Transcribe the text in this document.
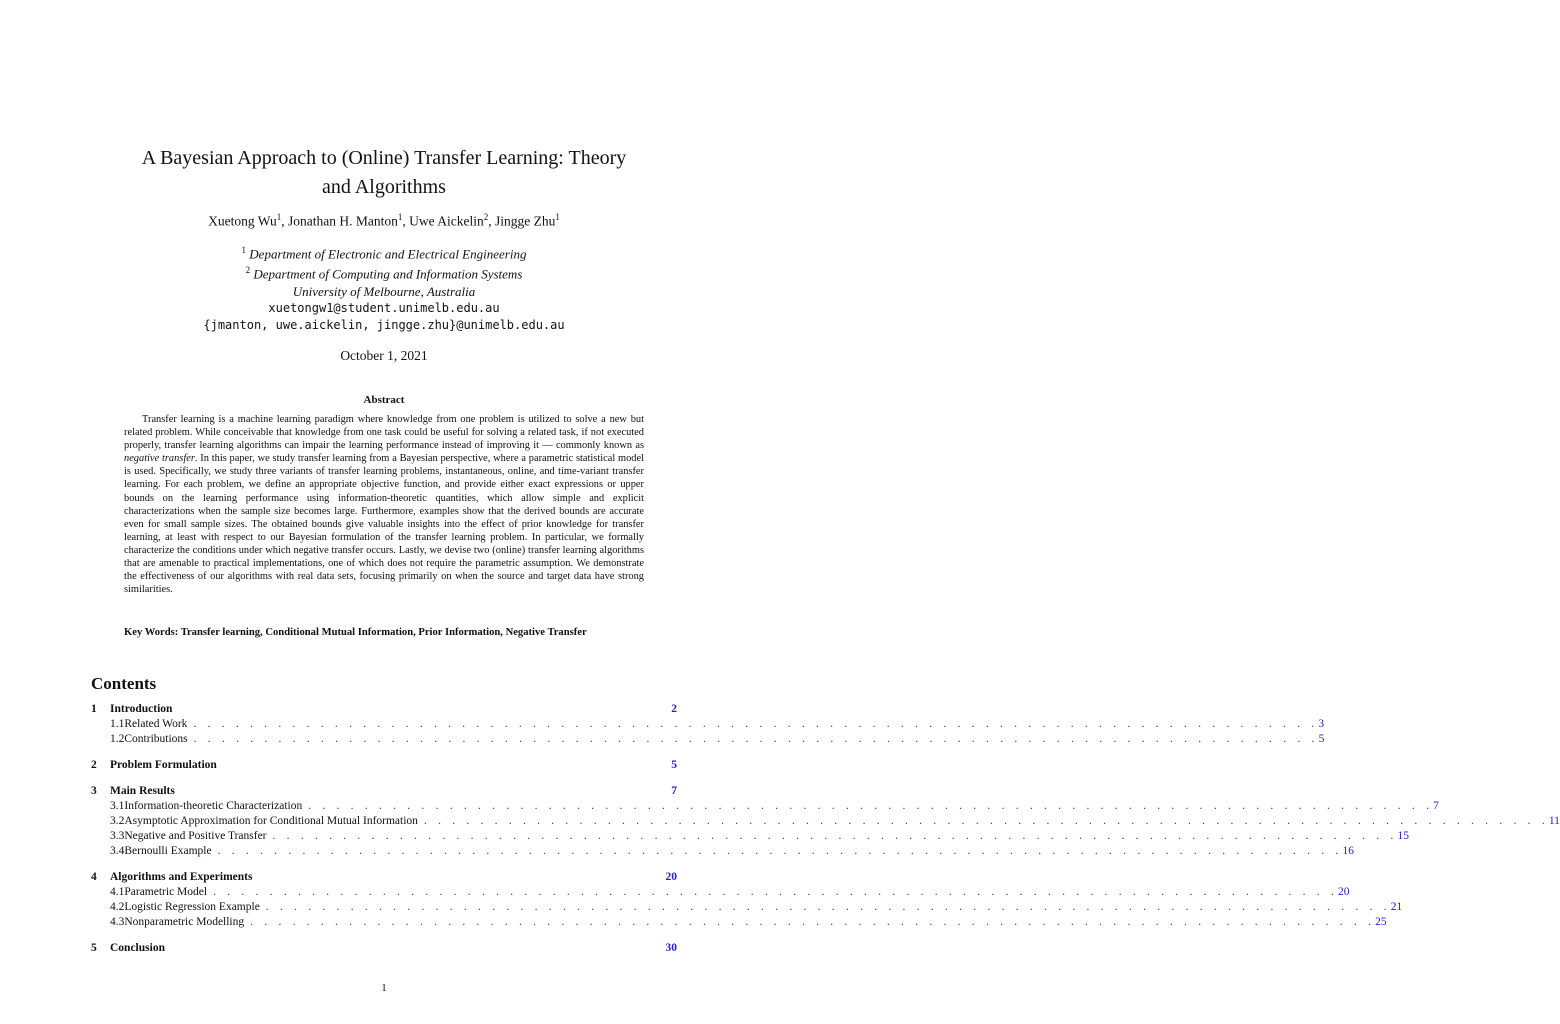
A Bayesian Approach to (Online) Transfer Learning: Theory
and Algorithms
Xuetong Wu$^1$, Jonathan H. Manton$^1$, Uwe Aickelin$^2$, Jingge Zhu$^1$
$^1$ Department of Electronic and Electrical Engineering
$^2$ Department of Computing and Information Systems
University of Melbourne, Australia
xuetongw1@student.unimelb.edu.au
{jmanton, uwe.aickelin, jingge.zhu}@unimelb.edu.au
October 1, 2021
Abstract
Transfer learning is a machine learning paradigm where knowledge from one problem is utilized to solve a new but related problem. While conceivable that knowledge from one task could be useful for solving a related task, if not executed properly, transfer learning algorithms can impair the learning performance instead of improving it — commonly known as negative transfer. In this paper, we study transfer learning from a Bayesian perspective, where a parametric statistical model is used. Specifically, we study three variants of transfer learning problems, instantaneous, online, and time-variant transfer learning. For each problem, we define an appropriate objective function, and provide either exact expressions or upper bounds on the learning performance using information-theoretic quantities, which allow simple and explicit characterizations when the sample size becomes large. Furthermore, examples show that the derived bounds are accurate even for small sample sizes. The obtained bounds give valuable insights into the effect of prior knowledge for transfer learning, at least with respect to our Bayesian formulation of the transfer learning problem. In particular, we formally characterize the conditions under which negative transfer occurs. Lastly, we devise two (online) transfer learning algorithms that are amenable to practical implementations, one of which does not require the parametric assumption. We demonstrate the effectiveness of our algorithms with real data sets, focusing primarily on when the source and target data have strong similarities.
Key Words: Transfer learning, Conditional Mutual Information, Prior Information, Negative Transfer
Contents
1	Introduction	2
1.1 Related Work . . . . . . . . . . . . . . . . . . . . . . . . . . . . . . . . . . . . . . . . . . . . . . . . . . . . . . . . . . . . . . . . . . . . . . . . . . . . . . . . 3
1.2 Contributions . . . . . . . . . . . . . . . . . . . . . . . . . . . . . . . . . . . . . . . . . . . . . . . . . . . . . . . . . . . . . . . . . . . . . . . . . . . . . . . . 5
2	Problem Formulation	5
3	Main Results	7
3.1 Information-theoretic Characterization . . . . . . . . . . . . . . . . . . . . . . . . . . . . . . . . . . . . . . . . . . . . . . . . . . . . . . . . . . . . . . . . . . . . . . . . . . . . . . . . 7
3.2 Asymptotic Approximation for Conditional Mutual Information . . . . . . . . . . . . . . . . . . . . . . . . . . . . . . . . . . . . . . . . . . . . . . . . . . . . . . . . . . . . . . . . . . . . . . . . . . . . . . . . 11
3.3 Negative and Positive Transfer . . . . . . . . . . . . . . . . . . . . . . . . . . . . . . . . . . . . . . . . . . . . . . . . . . . . . . . . . . . . . . . . . . . . . . . . . . . . . . . . 15
3.4 Bernoulli Example . . . . . . . . . . . . . . . . . . . . . . . . . . . . . . . . . . . . . . . . . . . . . . . . . . . . . . . . . . . . . . . . . . . . . . . . . . . . . . . . 16
4	Algorithms and Experiments	20
4.1 Parametric Model . . . . . . . . . . . . . . . . . . . . . . . . . . . . . . . . . . . . . . . . . . . . . . . . . . . . . . . . . . . . . . . . . . . . . . . . . . . . . . . . 20
4.2 Logistic Regression Example . . . . . . . . . . . . . . . . . . . . . . . . . . . . . . . . . . . . . . . . . . . . . . . . . . . . . . . . . . . . . . . . . . . . . . . . . . . . . . . . 21
4.3 Nonparametric Modelling . . . . . . . . . . . . . . . . . . . . . . . . . . . . . . . . . . . . . . . . . . . . . . . . . . . . . . . . . . . . . . . . . . . . . . . . . . . . . . . . 25
5	Conclusion	30
1
